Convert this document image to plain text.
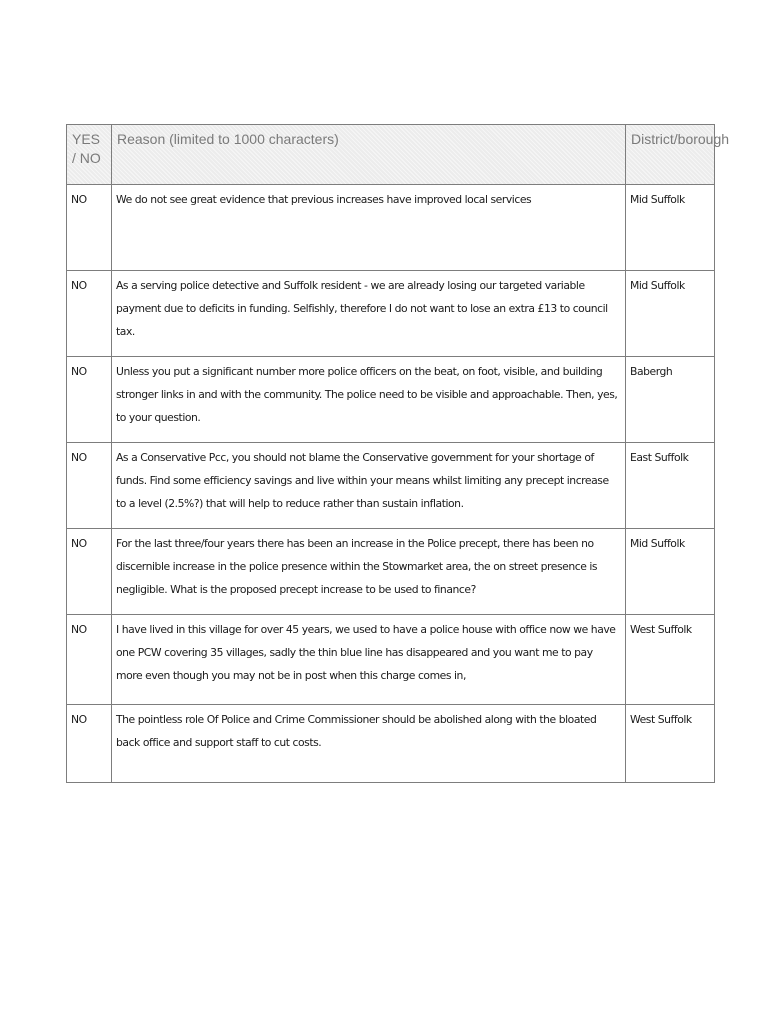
YES / NO	Reason (limited to 1000 characters)	District/borough
NO	We do not see great evidence that previous increases have improved local services	Mid Suffolk
NO	As a serving police detective and Suffolk resident - we are already losing our targeted variable payment due to deficits in funding. Selfishly, therefore I do not want to lose an extra £13 to council tax.	Mid Suffolk
NO	Unless you put a significant number more police officers on the beat, on foot, visible, and building stronger links in and with the community. The police need to be visible and approachable. Then, yes, to your question.	Babergh
NO	As a Conservative Pcc, you should not blame the Conservative government for your shortage of funds. Find some efficiency savings and live within your means whilst limiting any precept increase to a level (2.5%?) that will help to reduce rather than sustain inflation.	East Suffolk
NO	For the last three/four years there has been an increase in the Police precept, there has been no discernible increase in the police presence within the Stowmarket area, the on street presence is negligible. What is the proposed precept increase to be used to finance?	Mid Suffolk
NO	I have lived in this village for over 45 years, we used to have a police house with office now we have one PCW covering 35 villages, sadly the thin blue line has disappeared and you want me to pay more even though you may not be in post when this charge comes in,	West Suffolk
NO	The pointless role Of Police and Crime Commissioner should be abolished along with the bloated back office and support staff to cut costs.	West Suffolk
